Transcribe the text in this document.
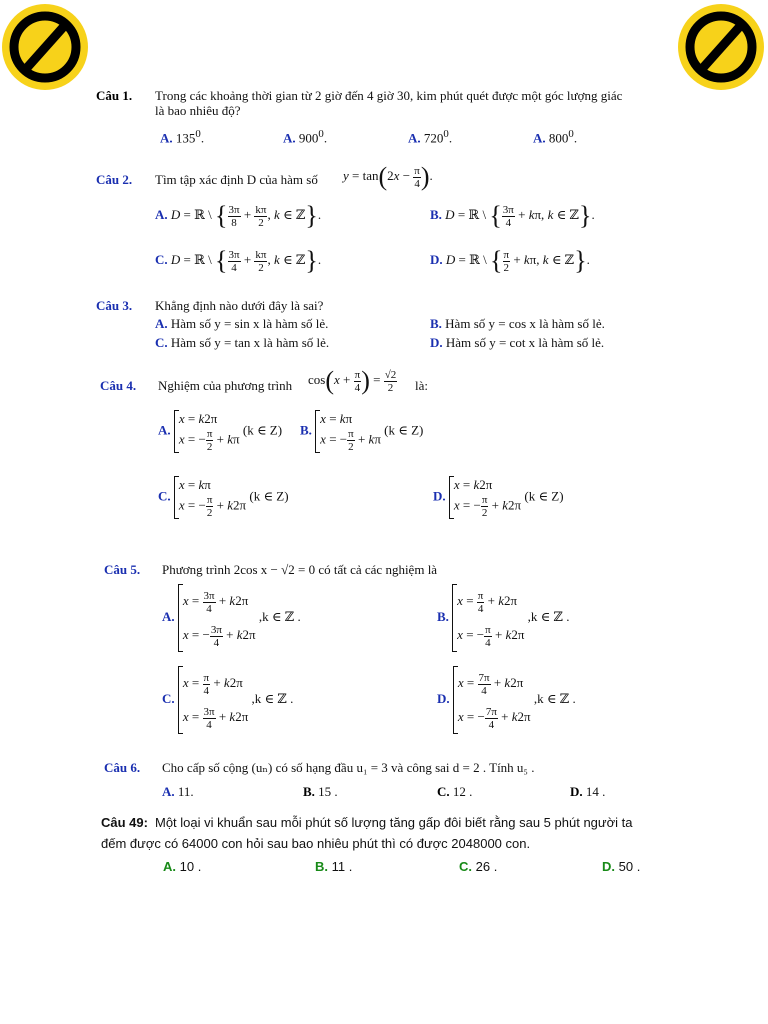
Câu 1. Trong các khoảng thời gian từ 2 giờ đến 4 giờ 30, kim phút quét được một góc lượng giác
là bao nhiêu độ?
A. $135^0$.	A. $900^0$.	A. $720^0$.	A. $800^0$.
Câu 2. Tìm tập xác định D của hàm số $y = \tan(2x - \frac{\pi}{4}$ ).
A. D = ℝ \ { $\frac{3\pi}{8} + \frac{k\pi}{2}$ , k ∈ ℤ}.	B. D = ℝ \ { $\frac{3\pi}{4} + k\pi$, k ∈ ℤ}.
C. D = ℝ \ { $\frac{3\pi}{4} + \frac{k\pi}{2}$ , k ∈ ℤ}.	D. D = ℝ \ { $\frac{\pi}{2} + k\pi$, k ∈ ℤ}.
Câu 3. Khẳng định nào dưới đây là sai?
A. Hàm số y = sin x là hàm số lẻ.	B. Hàm số y = cos x là hàm số lẻ.
C. Hàm số y = tan x là hàm số lẻ.	D. Hàm số y = cot x là hàm số lẻ.
Câu 4. Nghiệm của phương trình $\cos(x + \frac{\pi}{4}$ ) = $\frac{√2}{2}$ là:
A.
x = k2π
x = − $\frac{\pi}{2} + k\pi$
(k ∈ Z) B.
x = kπ
x = − $\frac{\pi}{2} + k\pi$
(k ∈ Z)
C.
x = kπ
x = − $\frac{\pi}{2} + k2\pi$
(k ∈ Z)	D.
x = k2π
x = − $\frac{\pi}{2} + k2\pi$
(k ∈ Z)
Câu 5. Phương trình 2cos x − √2 = 0 có tất cả các nghiệm là
A.
$x = \frac{3\pi}{4} + k2\pi$
x = − $\frac{3\pi}{4} + k2\pi$
,k ∈ ℤ .	B.
$x = \frac{\pi}{4} + k2\pi$
x = − $\frac{\pi}{4} + k2\pi$
,k ∈ ℤ .
C.
$x = \frac{\pi}{4} + k2\pi$
$x = \frac{3\pi}{4} + k2\pi$
,k ∈ ℤ .	D.
$x = \frac{7\pi}{4} + k2\pi$
x = − $\frac{7\pi}{4} + k2\pi$
,k ∈ ℤ .
Câu 6. Cho cấp số cộng (uₙ) có số hạng đầu u₁ = 3 và công sai d = 2 . Tính u₅ .
A. 11.	B. 15 .	C. 12 .	D. 14 .
Câu 49: Một loại vi khuẩn sau mỗi phút số lượng tăng gấp đôi biết rằng sau 5 phút người ta
đếm được có 64000 con hỏi sau bao nhiêu phút thì có được 2048000 con.
A. 10 .	B. 11 .	C. 26 .	D. 50 .
